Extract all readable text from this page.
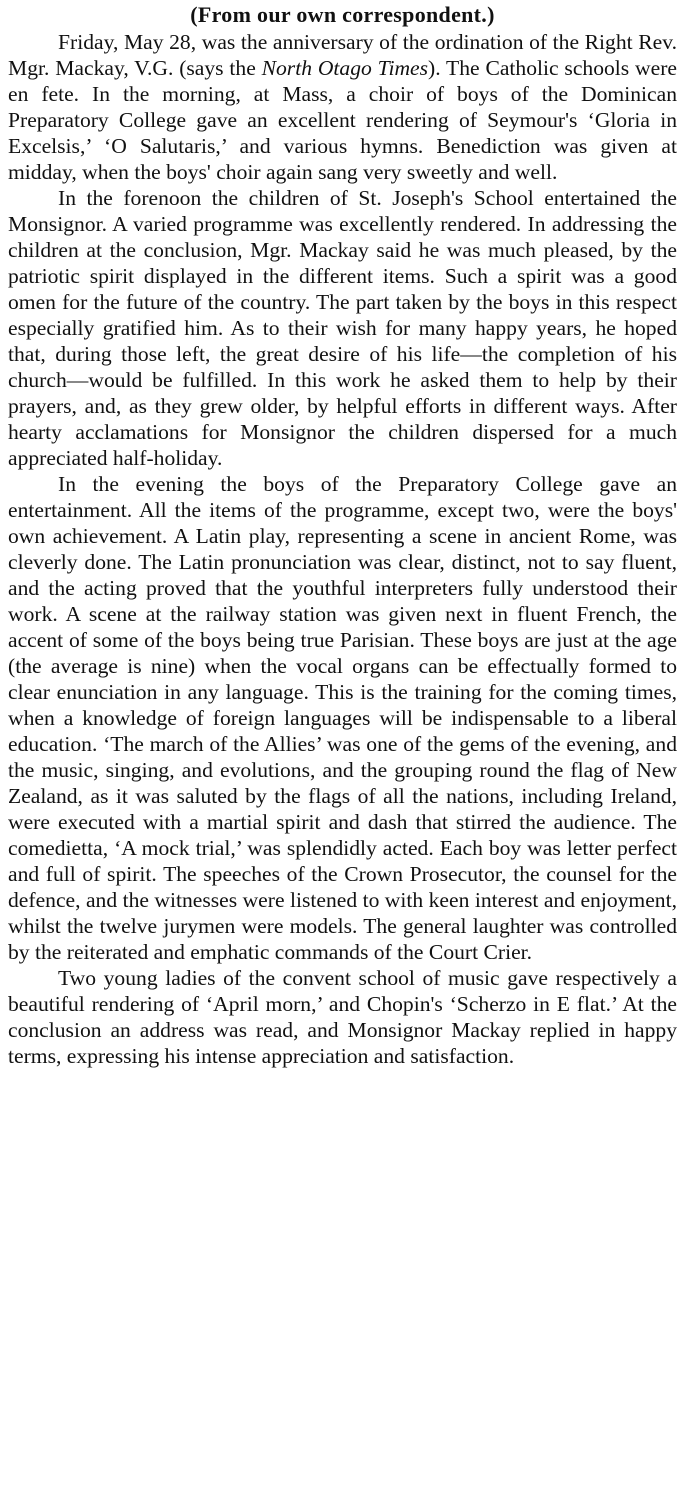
(From our own correspondent.)

Friday, May 28, was the anniversary of the ordination of the Right Rev. Mgr. Mackay, V.G. (says the North Otago Times). The Catholic schools were en fete. In the morning, at Mass, a choir of boys of the Dominican Preparatory College gave an excellent rendering of Seymour's ‘Gloria in Excelsis,’ ‘O Salutaris,’ and various hymns. Benediction was given at midday, when the boys' choir again sang very sweetly and well.

In the forenoon the children of St. Joseph's School entertained the Monsignor. A varied programme was excellently rendered. In addressing the children at the conclusion, Mgr. Mackay said he was much pleased, by the patriotic spirit displayed in the different items. Such a spirit was a good omen for the future of the country. The part taken by the boys in this respect especially gratified him. As to their wish for many happy years, he hoped that, during those left, the great desire of his life—the completion of his church—would be fulfilled. In this work he asked them to help by their prayers, and, as they grew older, by helpful efforts in different ways. After hearty acclamations for Monsignor the children dispersed for a much appreciated half-holiday.

In the evening the boys of the Preparatory College gave an entertainment. All the items of the programme, except two, were the boys' own achievement. A Latin play, representing a scene in ancient Rome, was cleverly done. The Latin pronunciation was clear, distinct, not to say fluent, and the acting proved that the youthful interpreters fully understood their work. A scene at the railway station was given next in fluent French, the accent of some of the boys being true Parisian. These boys are just at the age (the average is nine) when the vocal organs can be effectually formed to clear enunciation in any language. This is the training for the coming times, when a knowledge of foreign languages will be indispensable to a liberal education. ‘The march of the Allies’ was one of the gems of the evening, and the music, singing, and evolutions, and the grouping round the flag of New Zealand, as it was saluted by the flags of all the nations, including Ireland, were executed with a martial spirit and dash that stirred the audience. The comedietta, ‘A mock trial,’ was splendidly acted. Each boy was letter perfect and full of spirit. The speeches of the Crown Prosecutor, the counsel for the defence, and the witnesses were listened to with keen interest and enjoyment, whilst the twelve jurymen were models. The general laughter was controlled by the reiterated and emphatic commands of the Court Crier.

Two young ladies of the convent school of music gave respectively a beautiful rendering of ‘April morn,’ and Chopin's ‘Scherzo in E flat.’ At the conclusion an address was read, and Monsignor Mackay replied in happy terms, expressing his intense appreciation and satisfaction.
